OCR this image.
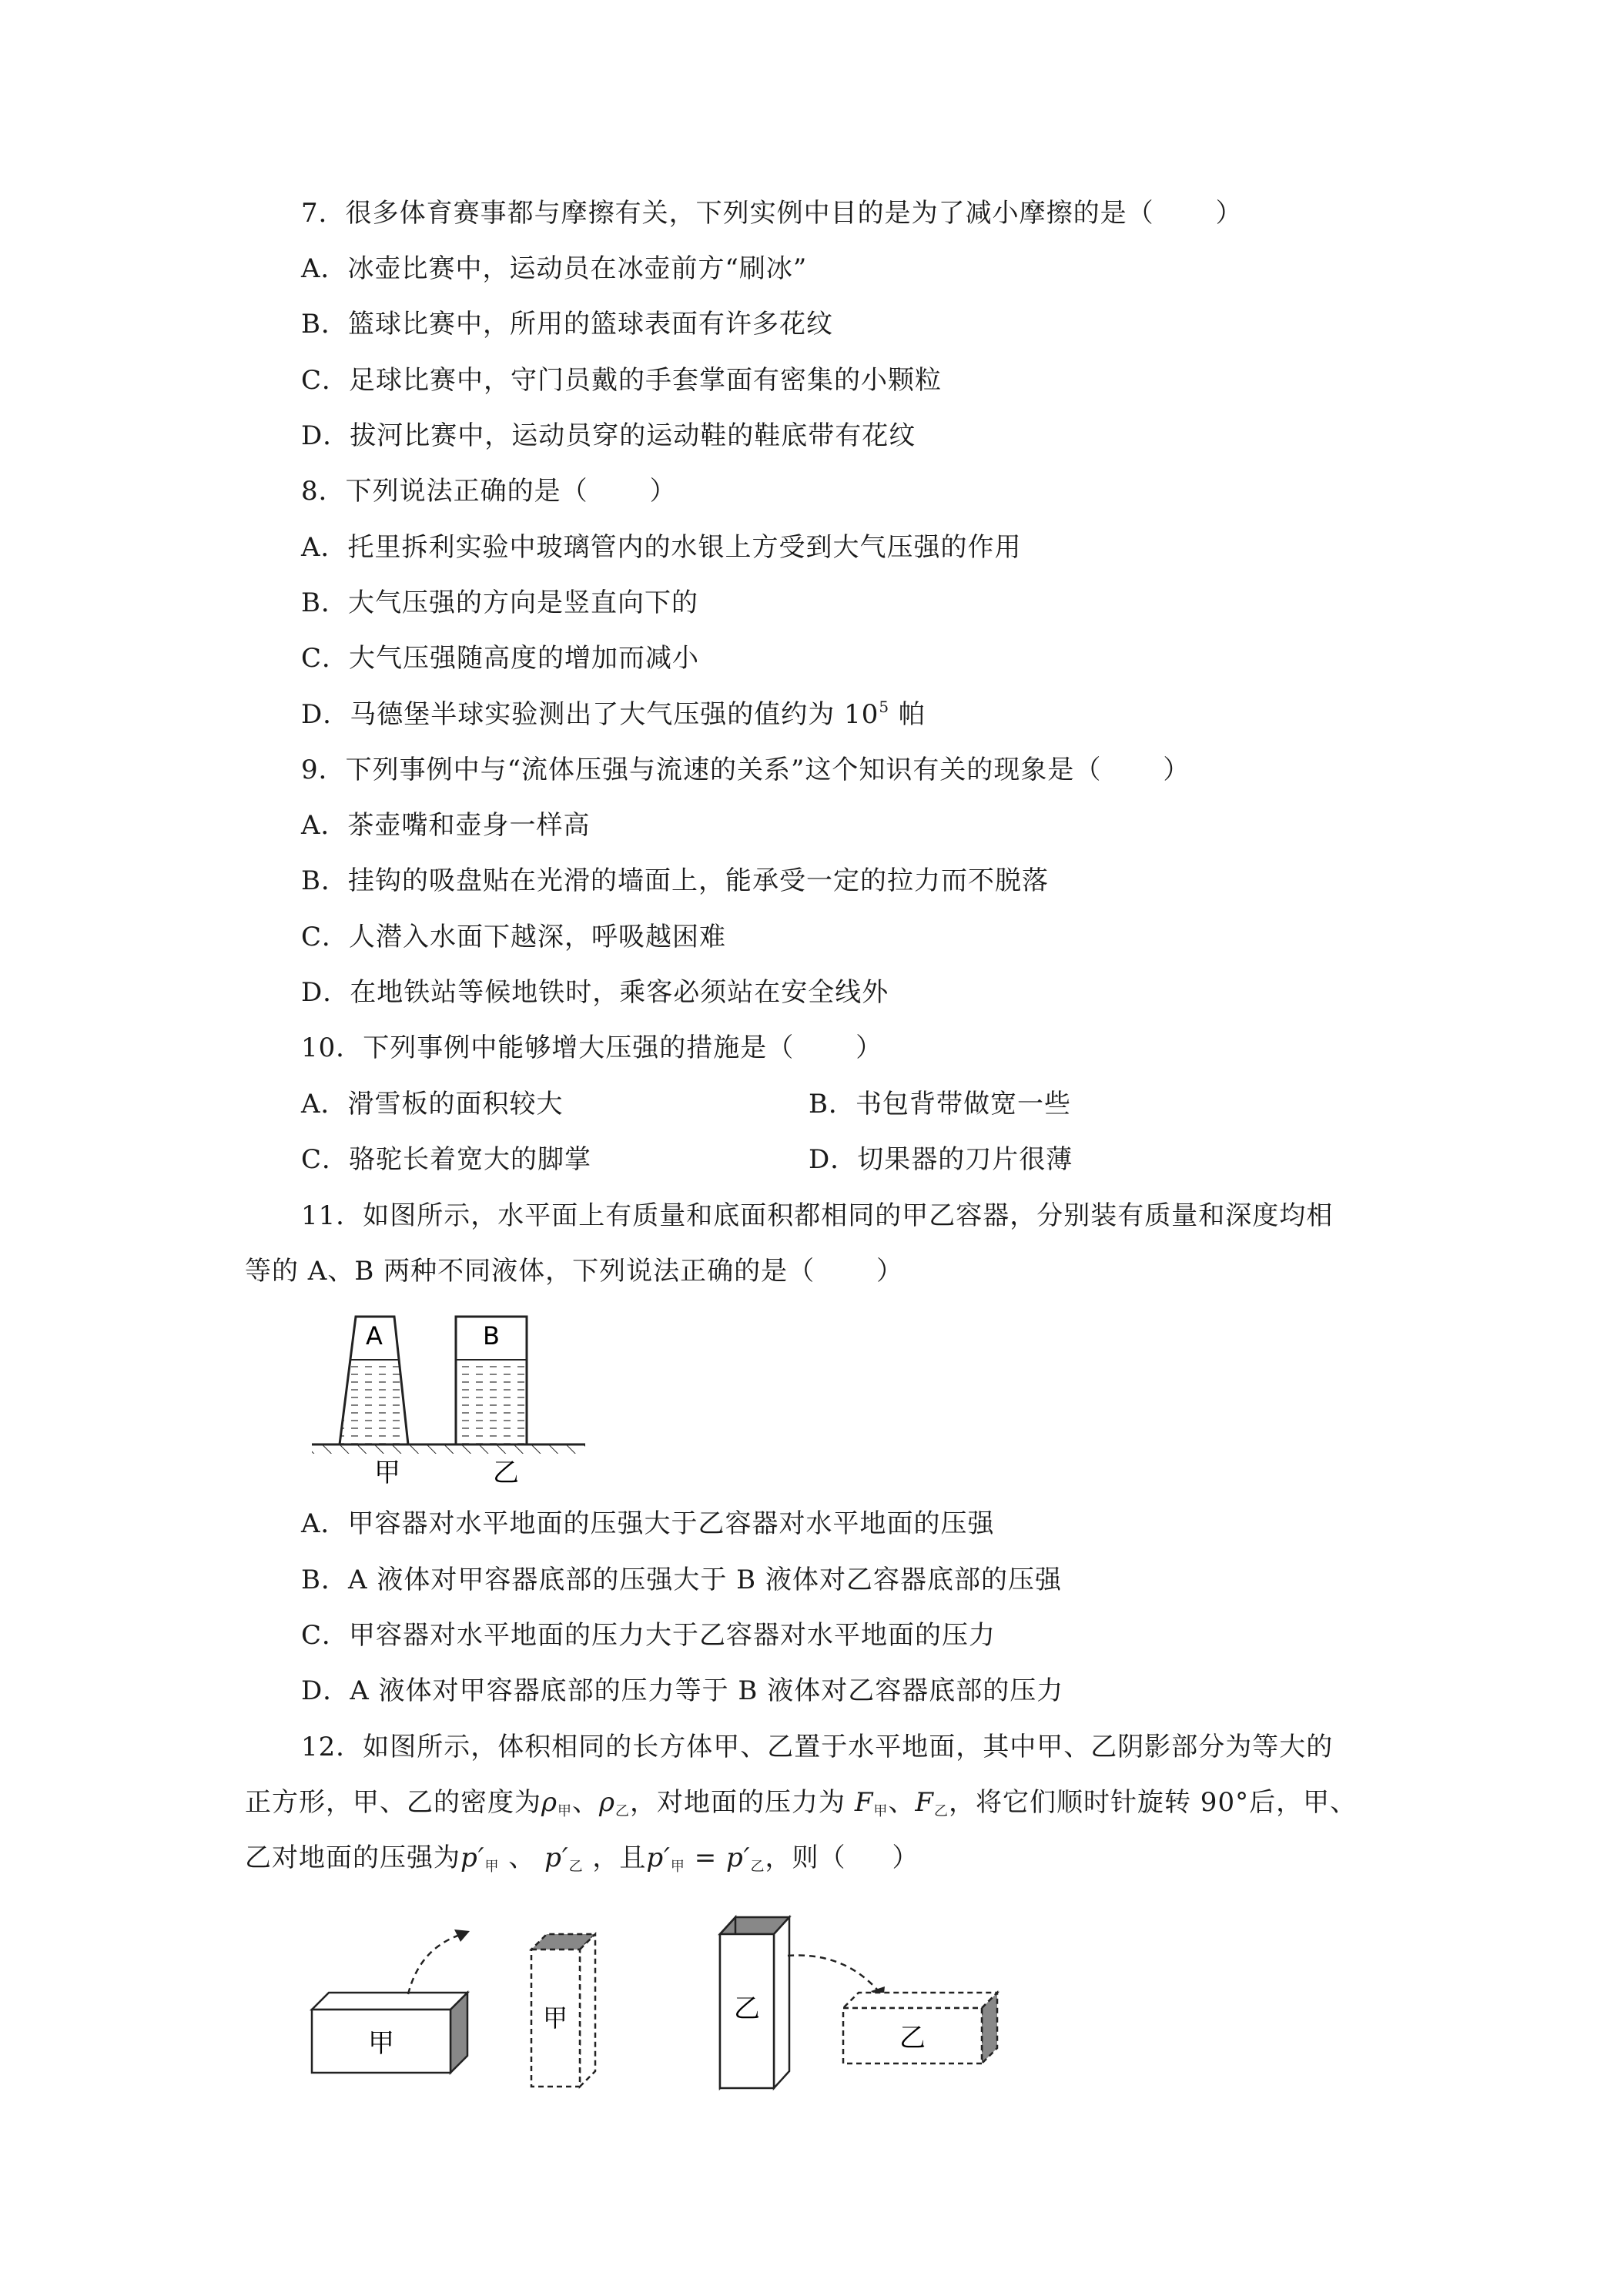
7．很多体育赛事都与摩擦有关，下列实例中目的是为了减小摩擦的是（ ）
A．冰壶比赛中，运动员在冰壶前方“刷冰”
B．篮球比赛中，所用的篮球表面有许多花纹
C．足球比赛中，守门员戴的手套掌面有密集的小颗粒
D．拔河比赛中，运动员穿的运动鞋的鞋底带有花纹
8．下列说法正确的是（ ）
A．托里拆利实验中玻璃管内的水银上方受到大气压强的作用
B．大气压强的方向是竖直向下的
C．大气压强随高度的增加而减小
D．马德堡半球实验测出了大气压强的值约为 $10^5$ 帕
9．下列事例中与“流体压强与流速的关系”这个知识有关的现象是（ ）
A．茶壶嘴和壶身一样高
B．挂钩的吸盘贴在光滑的墙面上，能承受一定的拉力而不脱落
C．人潜入水面下越深，呼吸越困难
D．在地铁站等候地铁时，乘客必须站在安全线外
10．下列事例中能够增大压强的措施是（ ）
A．滑雪板的面积较大	B．书包背带做宽一些
C．骆驼长着宽大的脚掌	D．切果器的刀片很薄
11．如图所示，水平面上有质量和底面积都相同的甲乙容器，分别装有质量和深度均相
等的 A、B 两种不同液体，下列说法正确的是（ ）
A	B
甲	乙
A．甲容器对水平地面的压强大于乙容器对水平地面的压强
B．A 液体对甲容器底部的压强大于 B 液体对乙容器底部的压强
C．甲容器对水平地面的压力大于乙容器对水平地面的压力
D．A 液体对甲容器底部的压力等于 B 液体对乙容器底部的压力
12．如图所示，体积相同的长方体甲、乙置于水平地面，其中甲、乙阴影部分为等大的
正方形，甲、乙的密度为$\rho_甲$、$\rho_乙$，对地面的压力为 $F_甲$、$F_乙$，将它们顺时针旋转 90°后，甲、
乙对地面的压强为$p'_甲$ 、 $p'_乙$ ，且$p'_甲 = p'_乙$，则（ ）
甲
甲	乙
乙
